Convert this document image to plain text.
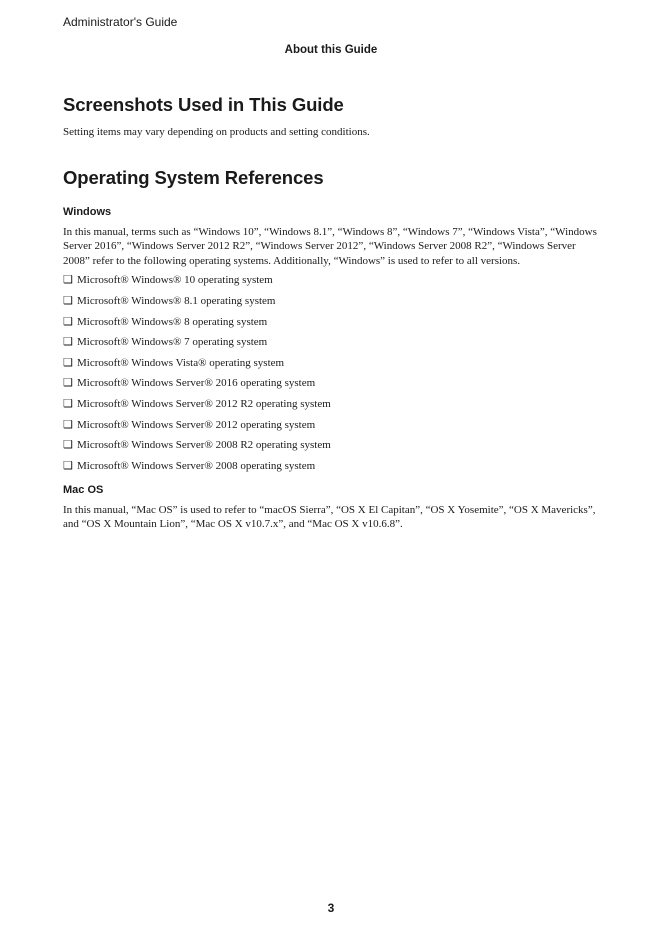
Administrator's Guide
About this Guide
Screenshots Used in This Guide

Setting items may vary depending on products and setting conditions.

Operating System References
Windows

In this manual, terms such as “Windows 10”, “Windows 8.1”, “Windows 8”, “Windows 7”, “Windows Vista”, “Windows Server 2016”, “Windows Server 2012 R2”, “Windows Server 2012”, “Windows Server 2008 R2”, “Windows Server 2008” refer to the following operating systems. Additionally, “Windows” is used to refer to all versions.

❑ Microsoft® Windows® 10 operating system
❑ Microsoft® Windows® 8.1 operating system
❑ Microsoft® Windows® 8 operating system
❑ Microsoft® Windows® 7 operating system
❑ Microsoft® Windows Vista® operating system
❑ Microsoft® Windows Server® 2016 operating system
❑ Microsoft® Windows Server® 2012 R2 operating system
❑ Microsoft® Windows Server® 2012 operating system
❑ Microsoft® Windows Server® 2008 R2 operating system
❑ Microsoft® Windows Server® 2008 operating system
Mac OS

In this manual, “Mac OS” is used to refer to “macOS Sierra”, “OS X El Capitan”, “OS X Yosemite”, “OS X Mavericks”, and “OS X Mountain Lion”, “Mac OS X v10.7.x”, and “Mac OS X v10.6.8”.

3
